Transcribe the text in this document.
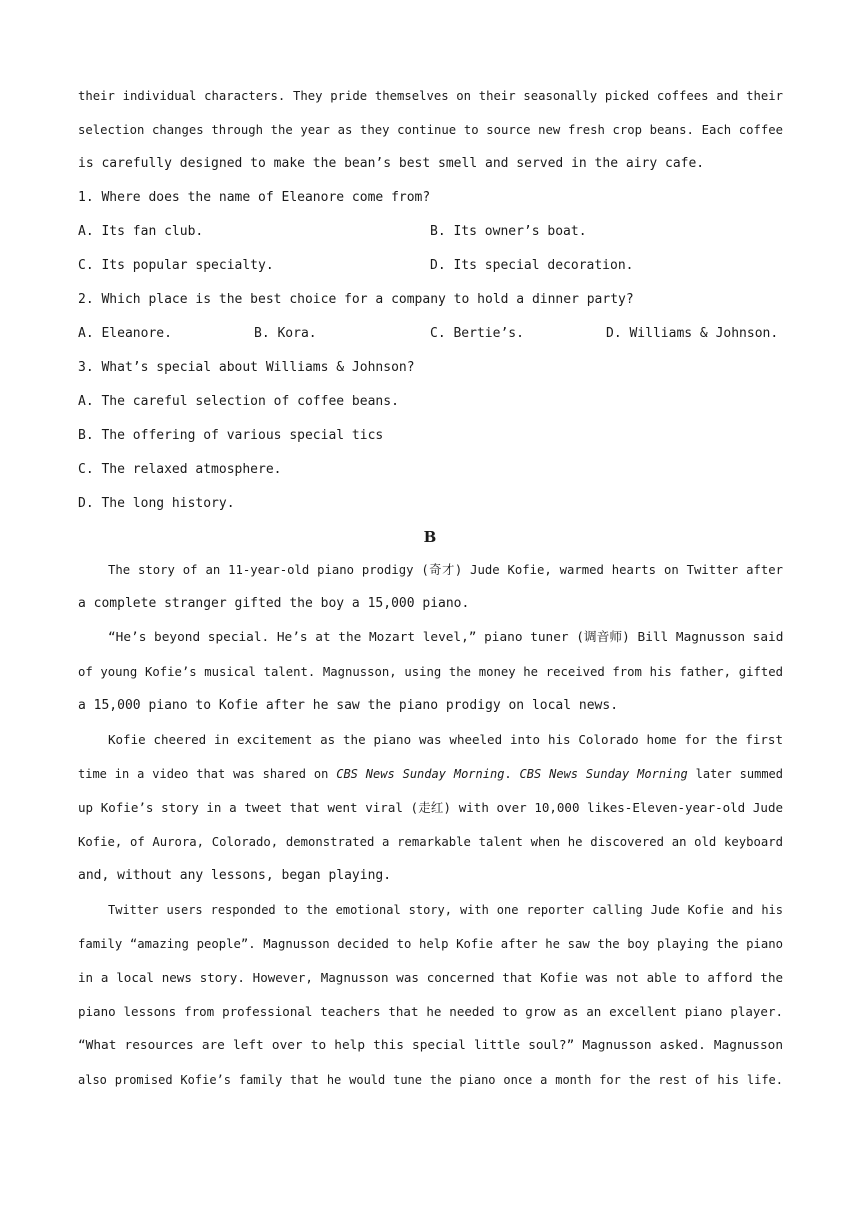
their individual characters. They pride themselves on their seasonally picked coffees and their
selection changes through the year as they continue to source new fresh crop beans. Each coffee
is carefully designed to make the bean’s best smell and served in the airy cafe.
1. Where does the name of Eleanore come from?
A. Its fan club.	B. Its owner’s boat.
C. Its popular specialty.	D. Its special decoration.
2. Which place is the best choice for a company to hold a dinner party?
A. Eleanore.	B. Kora.	C. Bertie’s.	D. Williams & Johnson.
3. What’s special about Williams & Johnson?
A. The careful selection of coffee beans.
B. The offering of various special tics
C. The relaxed atmosphere.
D. The long history.
B
The story of an 11-year-old piano prodigy (奇才) Jude Kofie, warmed hearts on Twitter after
a complete stranger gifted the boy a 15,000 piano.
“He’s beyond special. He’s at the Mozart level,” piano tuner (调音师) Bill Magnusson said
of young Kofie’s musical talent. Magnusson, using the money he received from his father, gifted
a 15,000 piano to Kofie after he saw the piano prodigy on local news.
Kofie cheered in excitement as the piano was wheeled into his Colorado home for the first
time in a video that was shared on CBS News Sunday Morning. CBS News Sunday Morning later summed
up Kofie’s story in a tweet that went viral (走红) with over 10,000 likes-Eleven-year-old Jude
Kofie, of Aurora, Colorado, demonstrated a remarkable talent when he discovered an old keyboard
and, without any lessons, began playing.
Twitter users responded to the emotional story, with one reporter calling Jude Kofie and his
family “amazing people”. Magnusson decided to help Kofie after he saw the boy playing the piano
in a local news story. However, Magnusson was concerned that Kofie was not able to afford the
piano lessons from professional teachers that he needed to grow as an excellent piano player.
“What resources are left over to help this special little soul?” Magnusson asked. Magnusson
also promised Kofie’s family that he would tune the piano once a month for the rest of his life.
